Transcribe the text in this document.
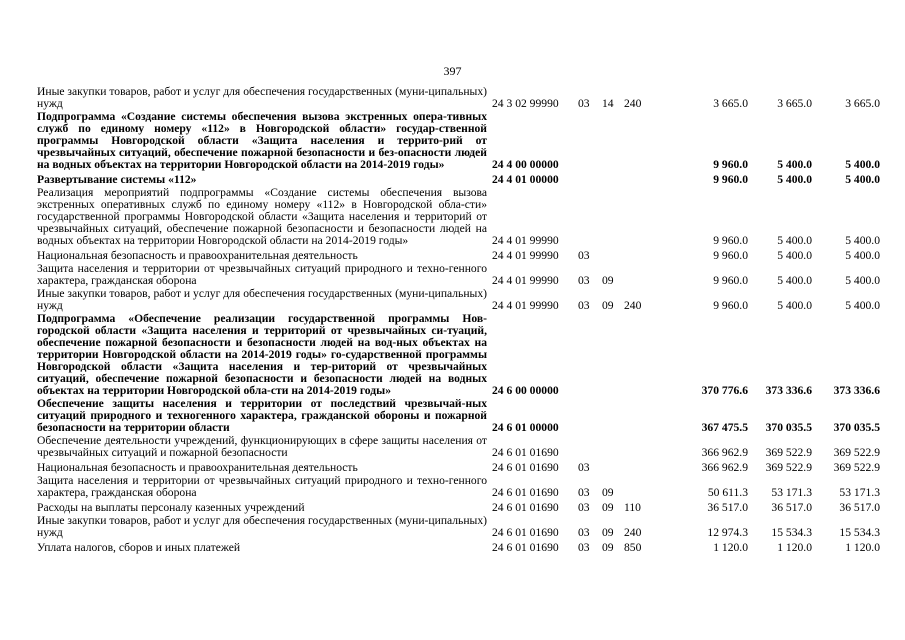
397
Иные закупки товаров, работ и услуг для обеспечения государственных (муни-ципальных) нужд	24 3 02 99990	03	14 240	3 665.0	3 665.0	3 665.0
Подпрограмма «Создание системы обеспечения вызова экстренных опера-тивных служб по единому номеру «112» в Новгородской области» государ-ственной программы Новгородской области «Защита населения и террито-рий от чрезвычайных ситуаций, обеспечение пожарной безопасности и без-опасности людей на водных объектах на территории Новгородской области на 2014-2019 годы»	24 4 00 00000	9 960.0	5 400.0	5 400.0
Развертывание системы «112»	24 4 01 00000	9 960.0	5 400.0	5 400.0
Реализация мероприятий подпрограммы «Создание системы обеспечения вызова экстренных оперативных служб по единому номеру «112» в Новгородской обла-сти» государственной программы Новгородской области «Защита населения и территорий от чрезвычайных ситуаций, обеспечение пожарной безопасности и безопасности людей на водных объектах на территории Новгородской области на 2014-2019 годы»	24 4 01 99990	9 960.0	5 400.0	5 400.0
Национальная безопасность и правоохранительная деятельность	24 4 01 99990	03	9 960.0	5 400.0	5 400.0
Защита населения и территории от чрезвычайных ситуаций природного и техно-генного характера, гражданская оборона	24 4 01 99990	03	09	9 960.0	5 400.0	5 400.0
Иные закупки товаров, работ и услуг для обеспечения государственных (муни-ципальных) нужд	24 4 01 99990	03	09 240	9 960.0	5 400.0	5 400.0
Подпрограмма «Обеспечение реализации государственной программы Нов-городской области «Защита населения и территорий от чрезвычайных си-туаций, обеспечение пожарной безопасности и безопасности людей на вод-ных объектах на территории Новгородской области на 2014-2019 годы» го-сударственной программы Новгородской области «Защита населения и тер-риторий от чрезвычайных ситуаций, обеспечение пожарной безопасности и безопасности людей на водных объектах на территории Новгородской обла-сти на 2014-2019 годы»	24 6 00 00000	370 776.6	373 336.6	373 336.6
Обеспечение защиты населения и территории от последствий чрезвычай-ных ситуаций природного и техногенного характера, гражданской обороны и пожарной безопасности на территории области	24 6 01 00000	367 475.5	370 035.5	370 035.5
Обеспечение деятельности учреждений, функционирующих в сфере защиты населения от чрезвычайных ситуаций и пожарной безопасности	24 6 01 01690	366 962.9	369 522.9	369 522.9
Национальная безопасность и правоохранительная деятельность	24 6 01 01690	03	366 962.9	369 522.9	369 522.9
Защита населения и территории от чрезвычайных ситуаций природного и техно-генного характера, гражданская оборона	24 6 01 01690	03	09	50 611.3	53 171.3	53 171.3
Расходы на выплаты персоналу казенных учреждений	24 6 01 01690	03	09 110	36 517.0	36 517.0	36 517.0
Иные закупки товаров, работ и услуг для обеспечения государственных (муни-ципальных) нужд	24 6 01 01690	03	09 240	12 974.3	15 534.3	15 534.3
Уплата налогов, сборов и иных платежей	24 6 01 01690	03	09 850	1 120.0	1 120.0	1 120.0
